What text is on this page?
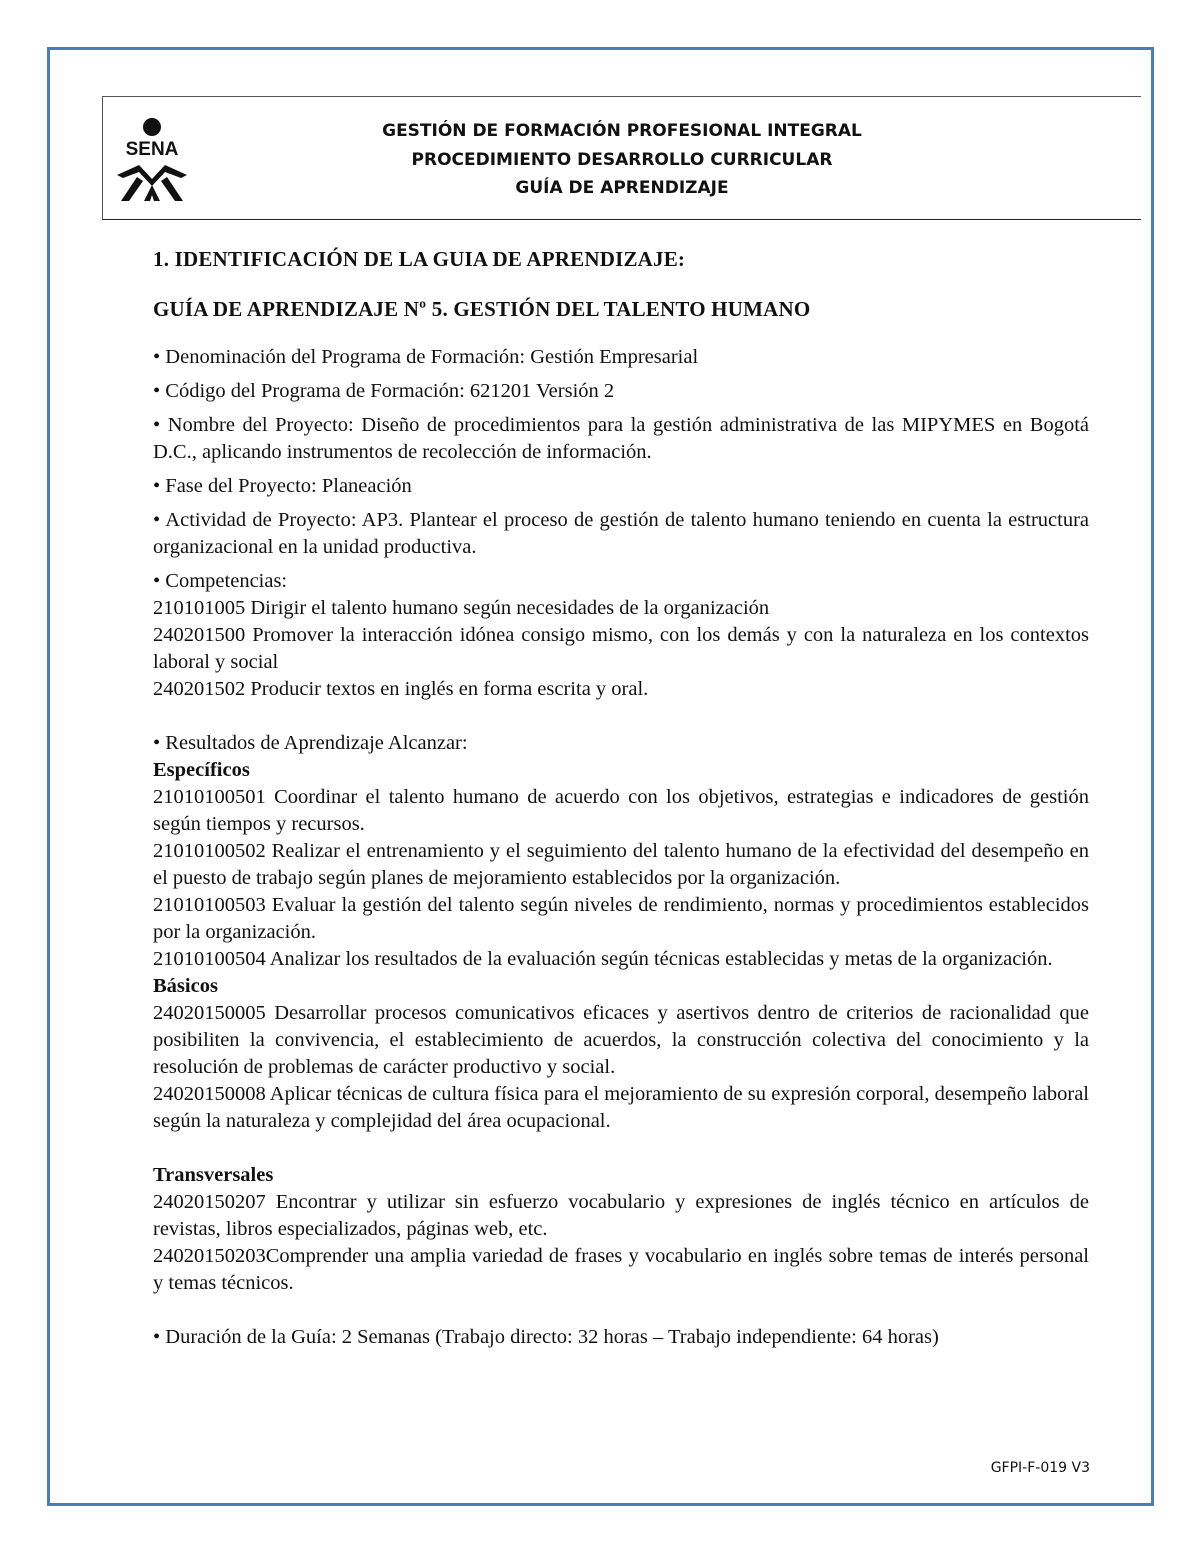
SENA
GESTIÓN DE FORMACIÓN PROFESIONAL INTEGRAL
PROCEDIMIENTO DESARROLLO CURRICULAR
GUÍA DE APRENDIZAJE
1. IDENTIFICACIÓN DE LA GUIA DE APRENDIZAJE:
GUÍA DE APRENDIZAJE Nº 5. GESTIÓN DEL TALENTO HUMANO
• Denominación del Programa de Formación: Gestión Empresarial
• Código del Programa de Formación: 621201 Versión 2
• Nombre del Proyecto: Diseño de procedimientos para la gestión administrativa de las MIPYMES en Bogotá D.C., aplicando instrumentos de recolección de información.
• Fase del Proyecto: Planeación
• Actividad de Proyecto: AP3. Plantear el proceso de gestión de talento humano teniendo en cuenta la estructura organizacional en la unidad productiva.
• Competencias:
210101005 Dirigir el talento humano según necesidades de la organización
240201500 Promover la interacción idónea consigo mismo, con los demás y con la naturaleza en los contextos laboral y social
240201502 Producir textos en inglés en forma escrita y oral.
• Resultados de Aprendizaje Alcanzar:
Específicos
21010100501 Coordinar el talento humano de acuerdo con los objetivos, estrategias e indicadores de gestión según tiempos y recursos.
21010100502 Realizar el entrenamiento y el seguimiento del talento humano de la efectividad del desempeño en el puesto de trabajo según planes de mejoramiento establecidos por la organización.
21010100503 Evaluar la gestión del talento según niveles de rendimiento, normas y procedimientos establecidos por la organización.
21010100504 Analizar los resultados de la evaluación según técnicas establecidas y metas de la organización.
Básicos
24020150005 Desarrollar procesos comunicativos eficaces y asertivos dentro de criterios de racionalidad que posibiliten la convivencia, el establecimiento de acuerdos, la construcción colectiva del conocimiento y la resolución de problemas de carácter productivo y social.
24020150008 Aplicar técnicas de cultura física para el mejoramiento de su expresión corporal, desempeño laboral según la naturaleza y complejidad del área ocupacional.
Transversales
24020150207 Encontrar y utilizar sin esfuerzo vocabulario y expresiones de inglés técnico en artículos de revistas, libros especializados, páginas web, etc.
24020150203Comprender una amplia variedad de frases y vocabulario en inglés sobre temas de interés personal y temas técnicos.
• Duración de la Guía: 2 Semanas (Trabajo directo: 32 horas – Trabajo independiente: 64 horas)
GFPI-F-019 V3
